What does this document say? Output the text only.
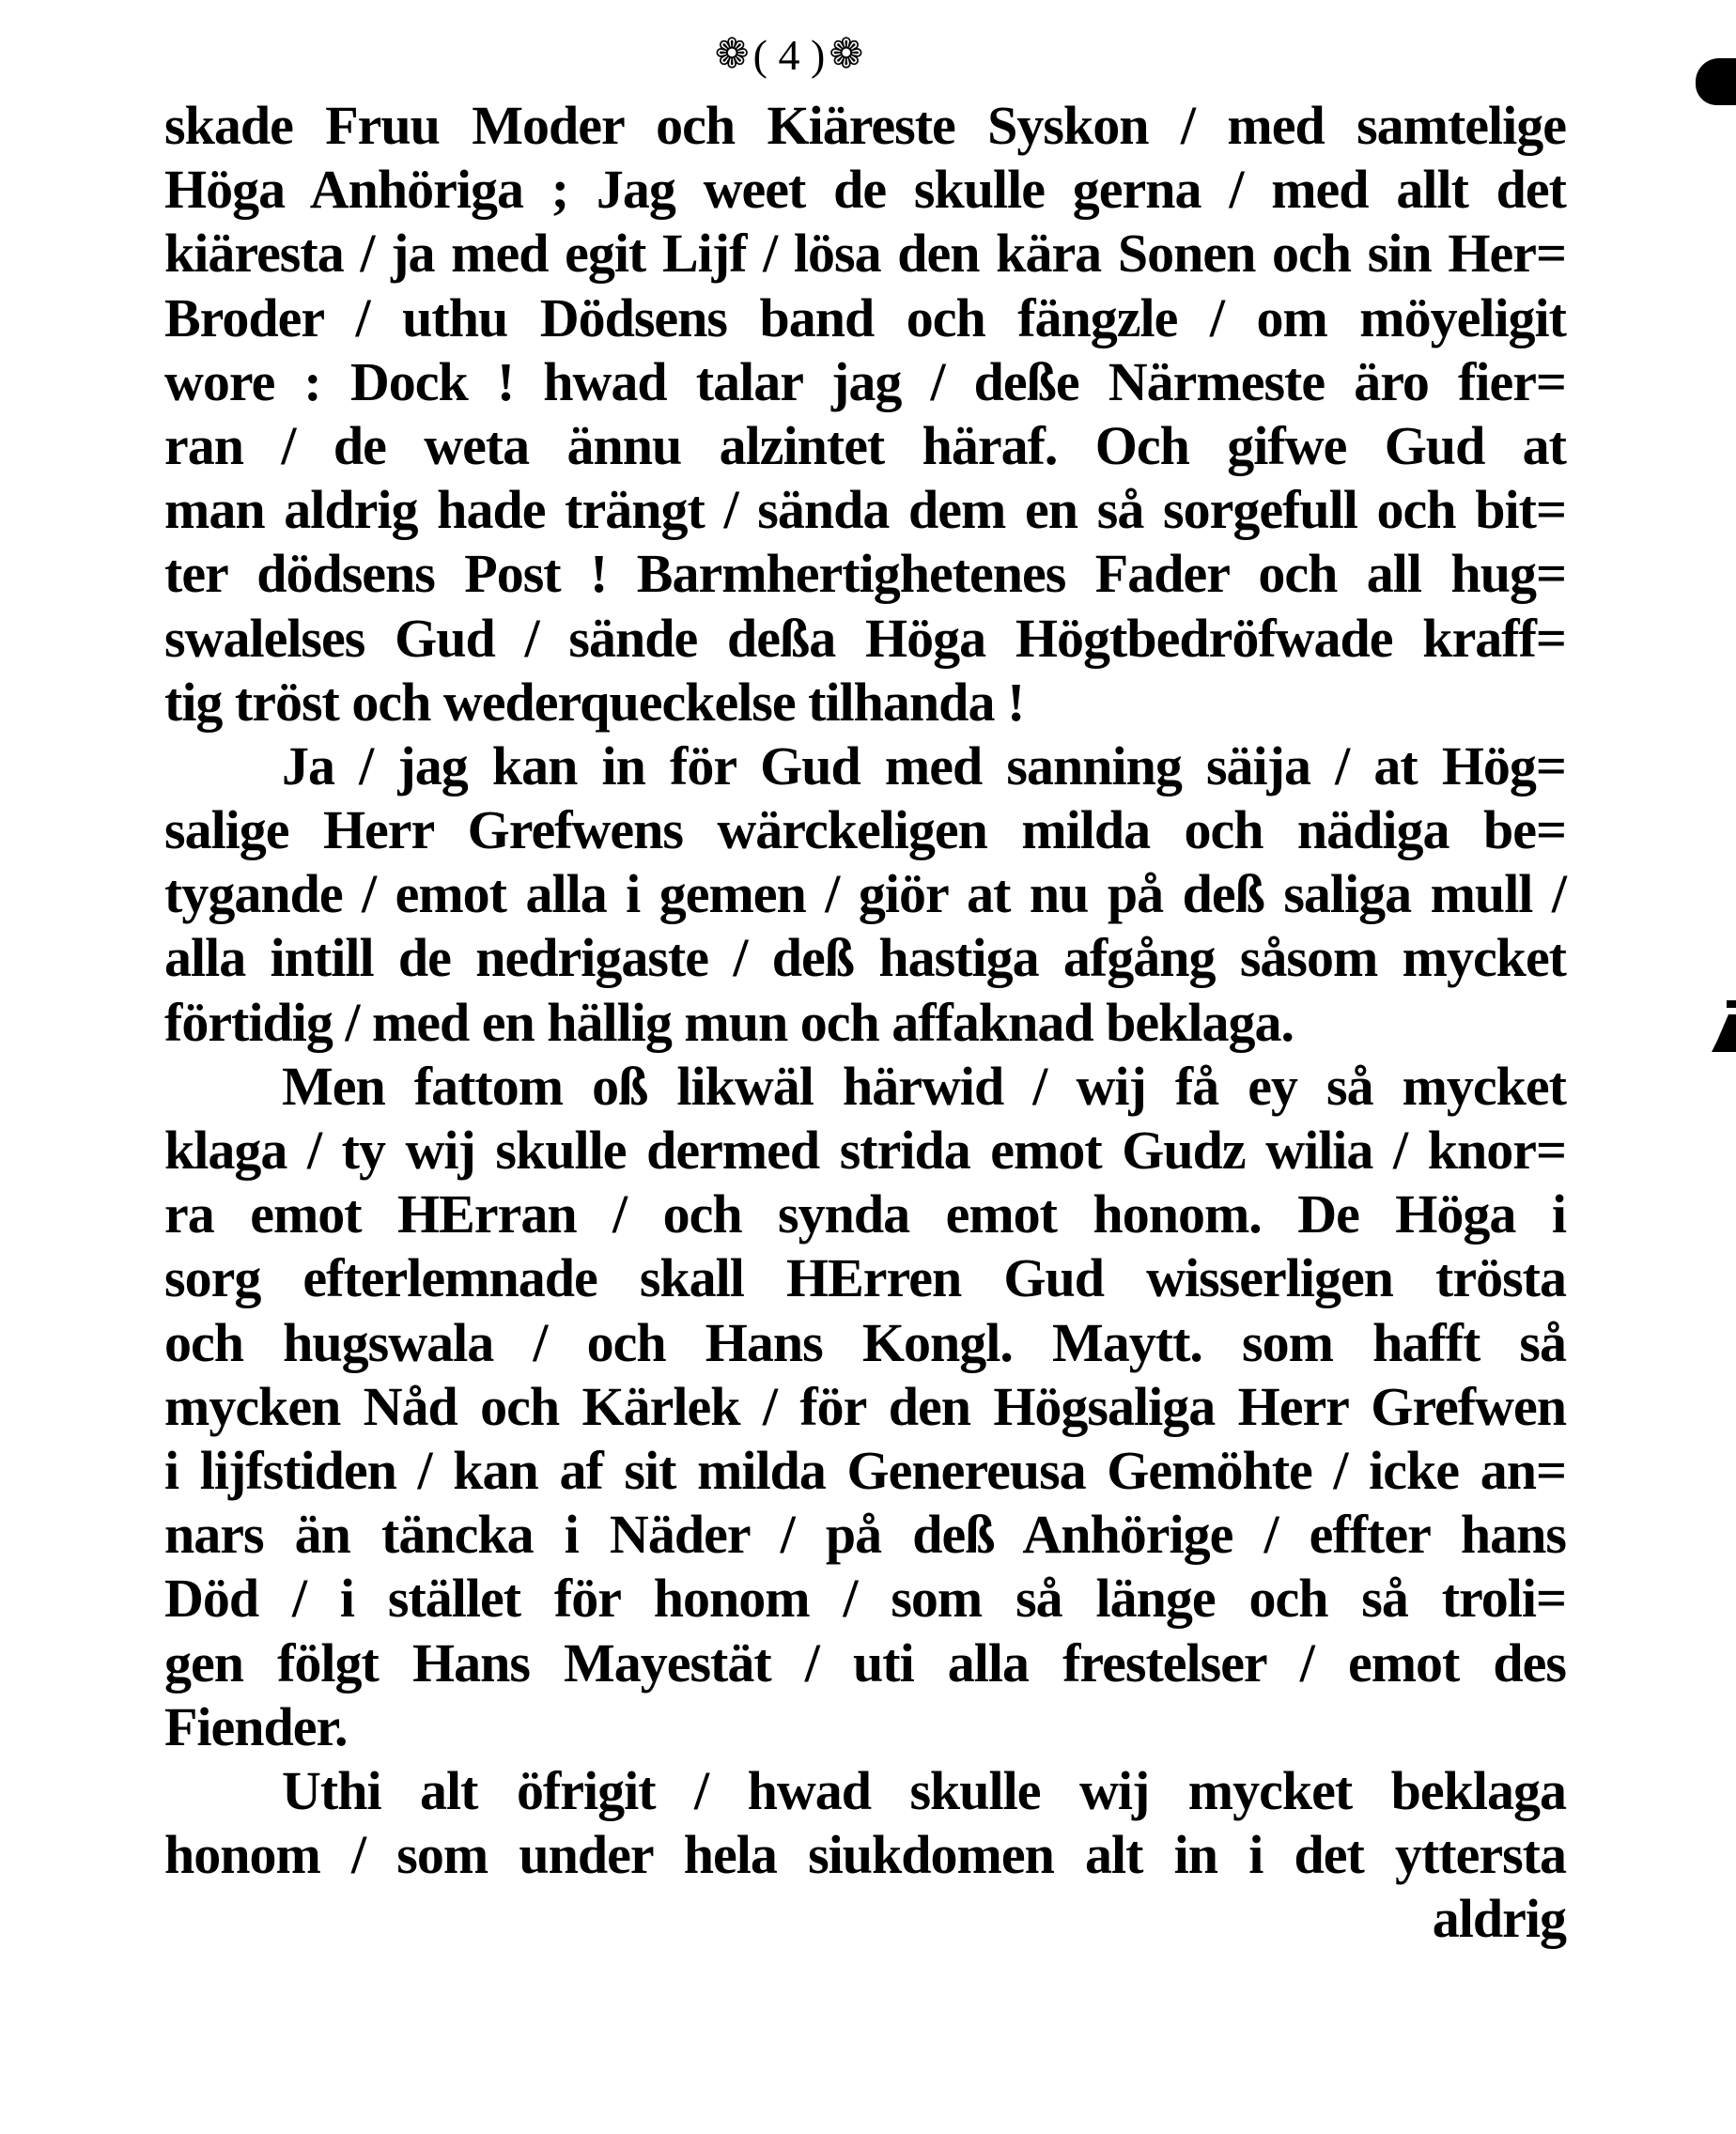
❁ ( 4 ) ❁
skade Fruu Moder och Kiäreste Syskon / med samtelige
Höga Anhöriga ; Jag weet de skulle gerna / med allt det
kiäresta / ja med egit Lijf / lösa den kära Sonen och sin Her=
Broder / uthu Dödsens band och fängzle / om möyeligit
wore : Dock ! hwad talar jag / deße Närmeste äro fier=
ran / de weta ännu alzintet häraf. Och gifwe Gud at
man aldrig hade trängt / sända dem en så sorgefull och bit=
ter dödsens Post ! Barmhertighetenes Fader och all hug=
swalelses Gud / sände deßa Höga Högtbedröfwade kraff=
tig tröst och wederqueckelse tilhanda !
Ja / jag kan in för Gud med sanning säija / at Hög=
salige Herr Grefwens wärckeligen milda och nädiga be=
tygande / emot alla i gemen / giör at nu på deß saliga mull /
alla intill de nedrigaste / deß hastiga afgång såsom mycket
förtidig / med en hällig mun och affaknad beklaga.
Men fattom oß likwäl härwid / wij få ey så mycket
klaga / ty wij skulle dermed strida emot Gudz wilia / knor=
ra emot HErran / och synda emot honom. De Höga i
sorg efterlemnade skall HErren Gud wisserligen trösta
och hugswala / och Hans Kongl. Maytt. som hafft så
mycken Nåd och Kärlek / för den Högsaliga Herr Grefwen
i lijfstiden / kan af sit milda Genereusa Gemöhte / icke an=
nars än täncka i Näder / på deß Anhörige / effter hans
Död / i stället för honom / som så länge och så troli=
gen fölgt Hans Mayestät / uti alla frestelser / emot des
Fiender.
Uthi alt öfrigit / hwad skulle wij mycket beklaga
honom / som under hela siukdomen alt in i det yttersta
aldrig
